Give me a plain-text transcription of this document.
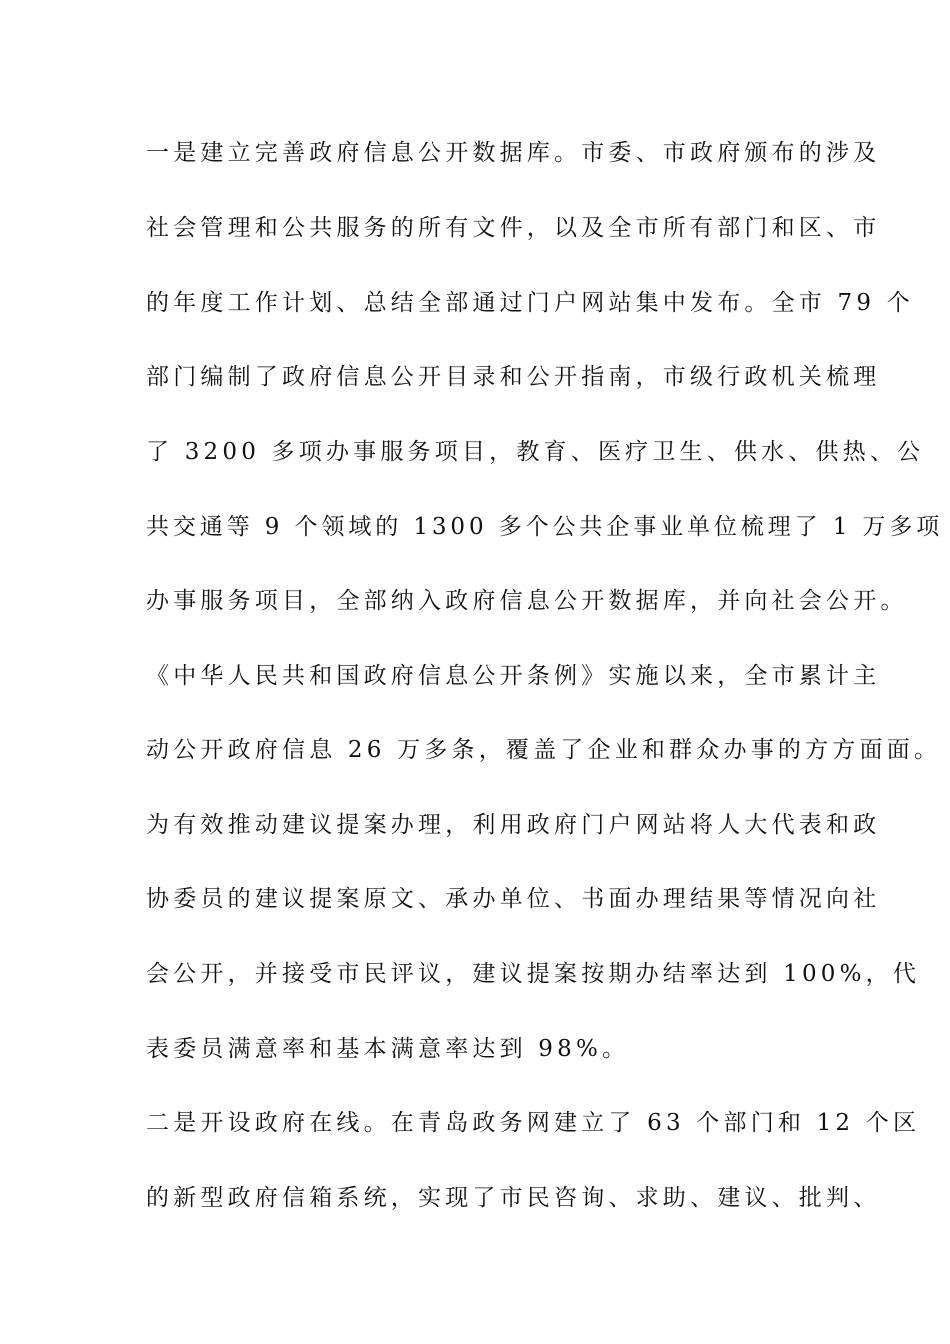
一是建立完善政府信息公开数据库。市委、市政府颁布的涉及
社会管理和公共服务的所有文件，以及全市所有部门和区、市
的年度工作计划、总结全部通过门户网站集中发布。全市 79 个
部门编制了政府信息公开目录和公开指南，市级行政机关梳理
了 3200 多项办事服务项目，教育、医疗卫生、供水、供热、公
共交通等 9 个领域的 1300 多个公共企事业单位梳理了 1 万多项
办事服务项目，全部纳入政府信息公开数据库，并向社会公开。
《中华人民共和国政府信息公开条例》实施以来，全市累计主
动公开政府信息 26 万多条，覆盖了企业和群众办事的方方面面。
为有效推动建议提案办理，利用政府门户网站将人大代表和政
协委员的建议提案原文、承办单位、书面办理结果等情况向社
会公开，并接受市民评议，建议提案按期办结率达到 100%，代
表委员满意率和基本满意率达到 98%。
二是开设政府在线。在青岛政务网建立了 63 个部门和 12 个区
的新型政府信箱系统，实现了市民咨询、求助、建议、批判、
